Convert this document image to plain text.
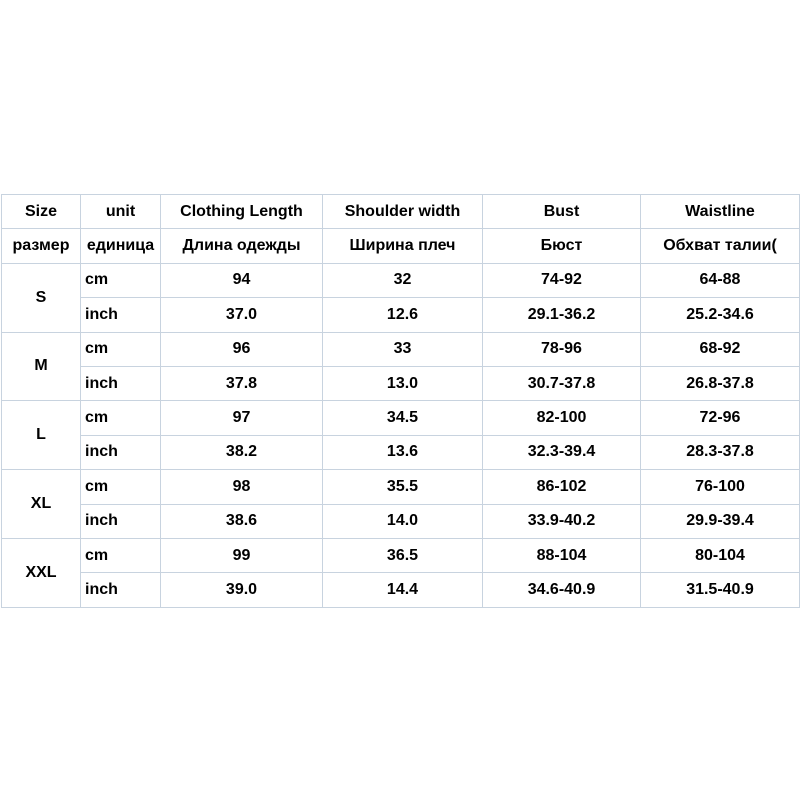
Size	unit	Clothing Length	Shoulder width	Bust	Waistline
размер	единица	Длина одежды	Ширина плеч	Бюст	Обхват талии(
S	cm	94	32	74-92	64-88
	inch	37.0	12.6	29.1-36.2	25.2-34.6
M	cm	96	33	78-96	68-92
	inch	37.8	13.0	30.7-37.8	26.8-37.8
L	cm	97	34.5	82-100	72-96
	inch	38.2	13.6	32.3-39.4	28.3-37.8
XL	cm	98	35.5	86-102	76-100
	inch	38.6	14.0	33.9-40.2	29.9-39.4
XXL	cm	99	36.5	88-104	80-104
	inch	39.0	14.4	34.6-40.9	31.5-40.9
